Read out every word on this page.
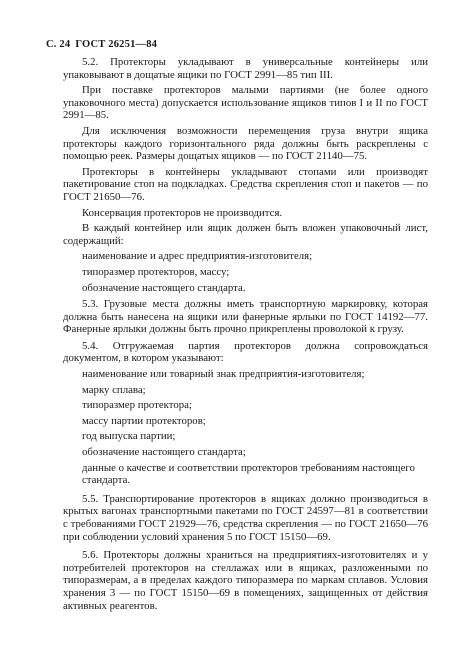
С. 24 ГОСТ 26251—84

5.2. Протекторы укладывают в универсальные контейнеры или упаковывают в дощатые ящики по ГОСТ 2991—85 тип III.

При поставке протекторов малыми партиями (не более одного упаковочного места) допускается использование ящиков типов I и II по ГОСТ 2991—85.

Для исключения возможности перемещения груза внутри ящика протекторы каждого горизонтального ряда должны быть раскреплены с помощью реек. Размеры дощатых ящиков — по ГОСТ 21140—75.

Протекторы в контейнеры укладывают стопами или производят пакетирование стоп на подкладках. Средства скрепления стоп и пакетов — по ГОСТ 21650—76.

Консервация протекторов не производится.

В каждый контейнер или ящик должен быть вложен упаковочный лист, содержащий:

наименование и адрес предприятия-изготовителя;

типоразмер протекторов, массу;

обозначение настоящего стандарта.

5.3. Грузовые места должны иметь транспортную маркировку, которая должна быть нанесена на ящики или фанерные ярлыки по ГОСТ 14192—77. Фанерные ярлыки должны быть прочно прикреплены проволокой к грузу.

5.4. Отгружаемая партия протекторов должна сопровождаться документом, в котором указывают:

наименование или товарный знак предприятия-изготовителя;

марку сплава;

типоразмер протектора;

массу партии протекторов;

год выпуска партии;

обозначение настоящего стандарта;

данные о качестве и соответствии протекторов требованиям настоящего стандарта.

5.5. Транспортирование протекторов в ящиках должно производиться в крытых вагонах транспортными пакетами по ГОСТ 24597—81 в соответствии с требованиями ГОСТ 21929—76, средства скрепления — по ГОСТ 21650—76 при соблюдении условий хранения 5 по ГОСТ 15150—69.

5.6. Протекторы должны храниться на предприятиях-изготовителях и у потребителей протекторов на стеллажах или в ящиках, разложенными по типоразмерам, а в пределах каждого типоразмера по маркам сплавов. Условия хранения 3 — по ГОСТ 15150—69 в помещениях, защищенных от действия активных реагентов.
